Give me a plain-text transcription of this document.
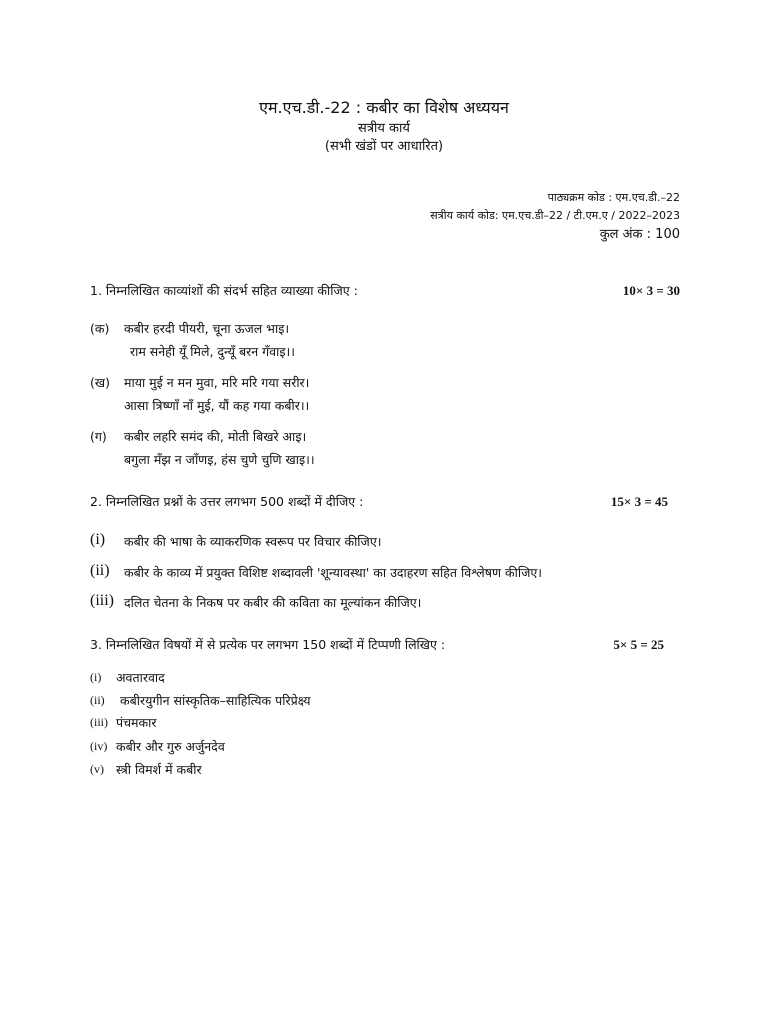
एम.एच.डी.-22 : कबीर का विशेष अध्ययन
सत्रीय कार्य
(सभी खंडों पर आधारित)
पाठ्यक्रम कोड : एम.एच.डी.–22
सत्रीय कार्य कोड: एम.एच.डी–22 / टी.एम.ए / 2022–2023
कुल अंक : 100
1. निम्नलिखित काव्यांशों की संदर्भ सहित व्याख्या कीजिए :	10× 3 = 30
(क) कबीर हरदी पीयरी, चूना ऊजल भाइ।
राम सनेही यूँ मिले, दुन्यूँ बरन गँवाइ।।
(ख) माया मुई न मन मुवा, मरि मरि गया सरीर।
आसा त्रिष्णाँ नाँ मुई, यौं कह गया कबीर।।
(ग) कबीर लहरि समंद की, मोती बिखरे आइ।
बगुला मँझ न जाँणइ, हंस चुणे चुणि खाइ।।
2. निम्नलिखित प्रश्नों के उत्तर लगभग 500 शब्दों में दीजिए :	15× 3 = 45
(i) कबीर की भाषा के व्याकरणिक स्वरूप पर विचार कीजिए।
(ii) कबीर के काव्य में प्रयुक्त विशिष्ट शब्दावली 'शून्यावस्था' का उदाहरण सहित विश्लेषण कीजिए।
(iii) दलित चेतना के निकष पर कबीर की कविता का मूल्यांकन कीजिए।
3. निम्नलिखित विषयों में से प्रत्येक पर लगभग 150 शब्दों में टिप्पणी लिखिए :	5× 5 = 25
(i) अवतारवाद
(ii) कबीरयुगीन सांस्कृतिक–साहित्यिक परिप्रेक्ष्य
(iii) पंचमकार
(iv) कबीर और गुरु अर्जुनदेव
(v) स्त्री विमर्श में कबीर
